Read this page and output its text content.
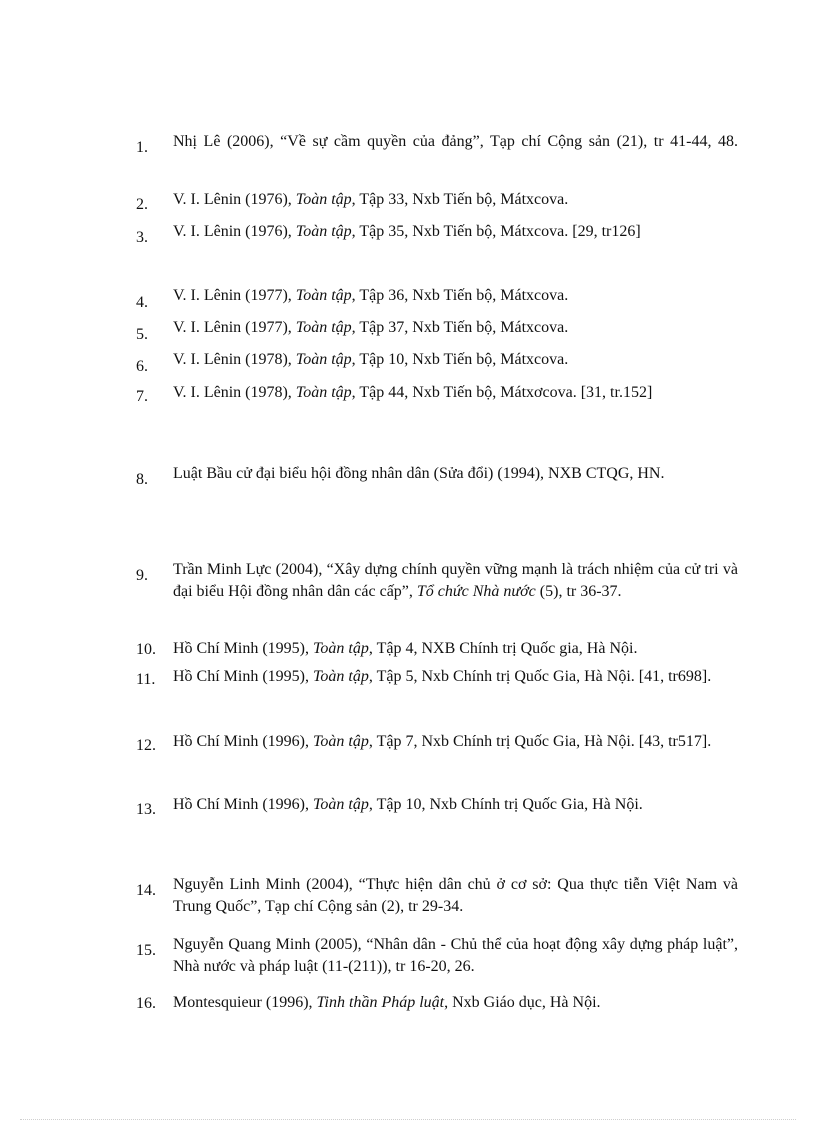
1.	Nhị Lê (2006), “Về sự cầm quyền của đảng”, Tạp chí Cộng sản (21), tr 41-44, 48.
2.	V. I. Lênin (1976), Toàn tập, Tập 33, Nxb Tiến bộ, Mátxcova.
3.	V. I. Lênin (1976), Toàn tập, Tập 35, Nxb Tiến bộ, Mátxcova. [29, tr126]
4.	V. I. Lênin (1977), Toàn tập, Tập 36, Nxb Tiến bộ, Mátxcova.
5.	V. I. Lênin (1977), Toàn tập, Tập 37, Nxb Tiến bộ, Mátxcova.
6.	V. I. Lênin (1978), Toàn tập, Tập 10, Nxb Tiến bộ, Mátxcova.
7.	V. I. Lênin (1978), Toàn tập, Tập 44, Nxb Tiến bộ, Mátxơcova. [31, tr.152]
8.	Luật Bầu cử đại biểu hội đồng nhân dân (Sửa đổi) (1994), NXB CTQG, HN.
9.	Trần Minh Lực (2004), “Xây dựng chính quyền vững mạnh là trách nhiệm của cử tri và đại biểu Hội đồng nhân dân các cấp”, Tổ chức Nhà nước (5), tr 36-37.
10.	Hồ Chí Minh (1995), Toàn tập, Tập 4, NXB Chính trị Quốc gia, Hà Nội.
11.	Hồ Chí Minh (1995), Toàn tập, Tập 5, Nxb Chính trị Quốc Gia, Hà Nội. [41, tr698].
12.	Hồ Chí Minh (1996), Toàn tập, Tập 7, Nxb Chính trị Quốc Gia, Hà Nội. [43, tr517].
13.	Hồ Chí Minh (1996), Toàn tập, Tập 10, Nxb Chính trị Quốc Gia, Hà Nội.
14.	Nguyễn Linh Minh (2004), “Thực hiện dân chủ ở cơ sở: Qua thực tiễn Việt Nam và Trung Quốc”, Tạp chí Cộng sản (2), tr 29-34.
15.	Nguyễn Quang Minh (2005), “Nhân dân - Chủ thể của hoạt động xây dựng pháp luật”, Nhà nước và pháp luật (11-(211)), tr 16-20, 26.
16.	Montesquieur (1996), Tinh thần Pháp luật, Nxb Giáo dục, Hà Nội.
